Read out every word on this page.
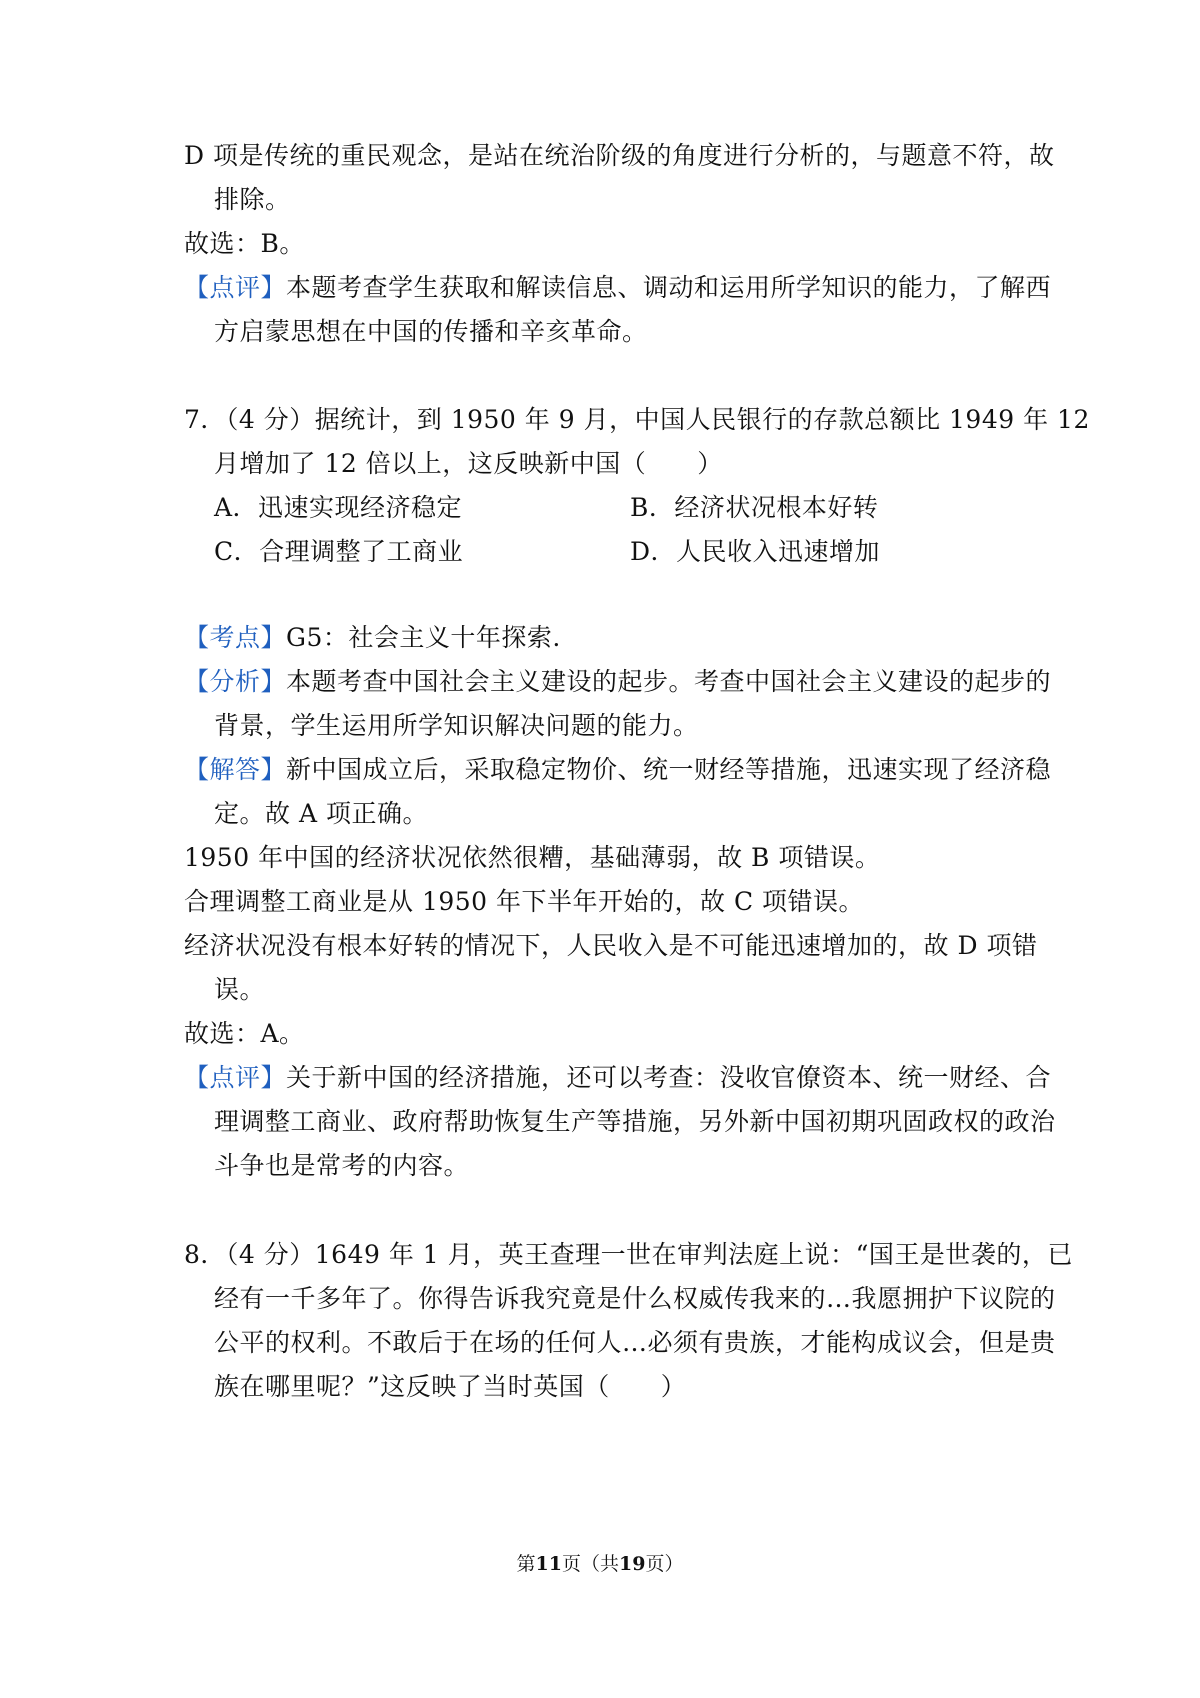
D 项是传统的重民观念，是站在统治阶级的角度进行分析的，与题意不符，故
排除。
故选：B。
【点评】本题考查学生获取和解读信息、调动和运用所学知识的能力，了解西
方启蒙思想在中国的传播和辛亥革命。
7．（4 分）据统计，到 1950 年 9 月，中国人民银行的存款总额比 1949 年 12
月增加了 12 倍以上，这反映新中国（　　）
A．迅速实现经济稳定	B．经济状况根本好转
C．合理调整了工商业	D．人民收入迅速增加
【考点】G5：社会主义十年探索.
【分析】本题考查中国社会主义建设的起步。考查中国社会主义建设的起步的
背景，学生运用所学知识解决问题的能力。
【解答】新中国成立后，采取稳定物价、统一财经等措施，迅速实现了经济稳
定。故 A 项正确。
1950 年中国的经济状况依然很糟，基础薄弱，故 B 项错误。
合理调整工商业是从 1950 年下半年开始的，故 C 项错误。
经济状况没有根本好转的情况下，人民收入是不可能迅速增加的，故 D 项错
误。
故选：A。
【点评】关于新中国的经济措施，还可以考查：没收官僚资本、统一财经、合
理调整工商业、政府帮助恢复生产等措施，另外新中国初期巩固政权的政治
斗争也是常考的内容。
8．（4 分）1649 年 1 月，英王查理一世在审判法庭上说：“国王是世袭的，已
经有一千多年了。你得告诉我究竟是什么权威传我来的…我愿拥护下议院的
公平的权利。不敢后于在场的任何人…必须有贵族，才能构成议会，但是贵
族在哪里呢？”这反映了当时英国（　　）
第11页（共19页）
